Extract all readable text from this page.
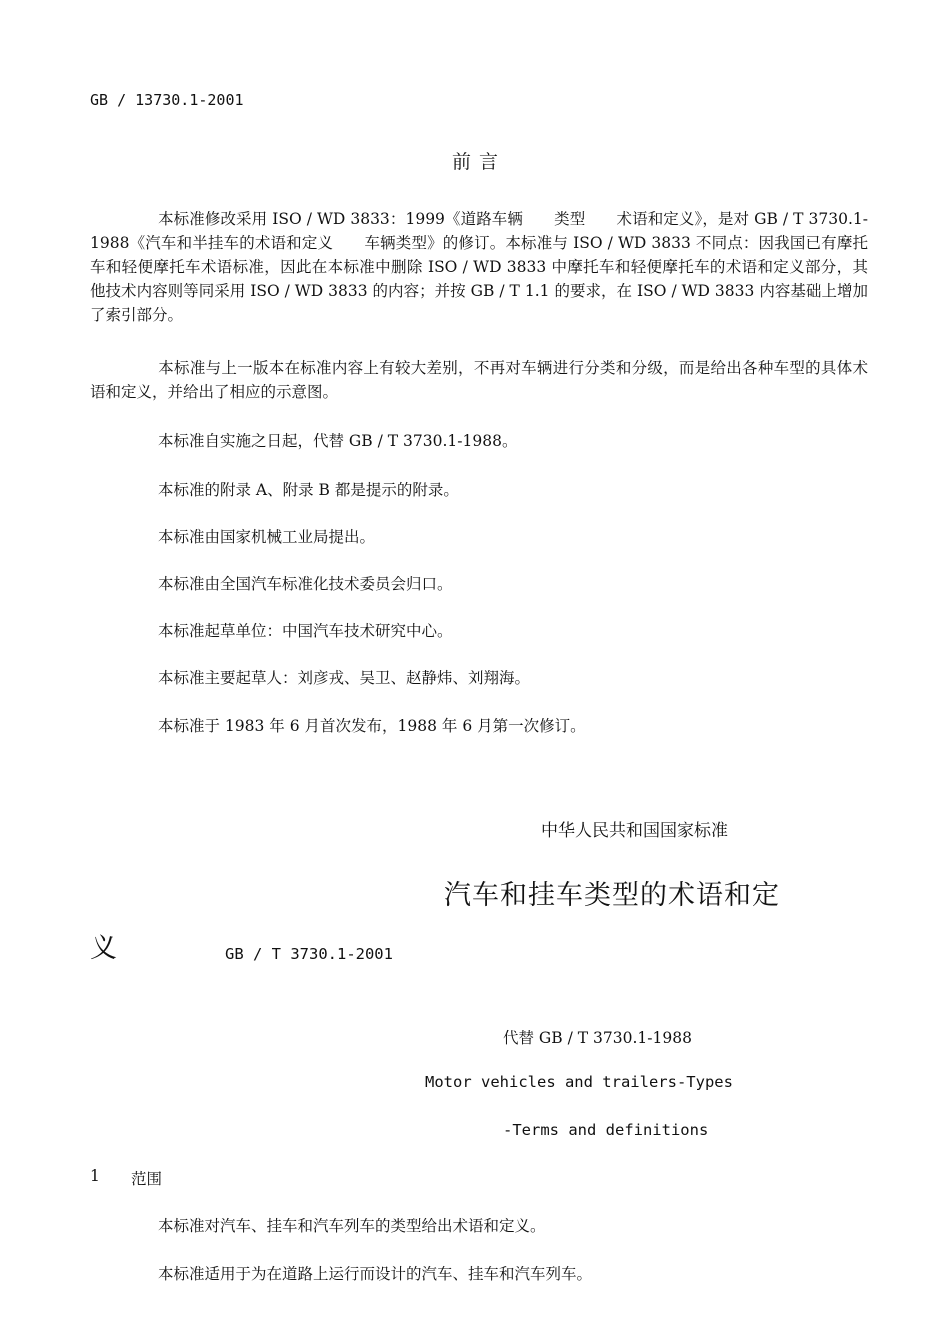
GB / 13730.1-2001
前言

本标准修改采用 ISO / WD 3833：1999《道路车辆　　类型　　术语和定义》，是对 GB / T 3730.1-1988《汽车和半挂车的术语和定义　　车辆类型》的修订。本标准与 ISO / WD 3833 不同点：因我国已有摩托车和轻便摩托车术语标准，因此在本标准中删除 ISO / WD 3833 中摩托车和轻便摩托车的术语和定义部分，其他技术内容则等同采用 ISO / WD 3833 的内容；并按 GB / T 1.1 的要求，在 ISO / WD 3833 内容基础上增加了索引部分。

本标准与上一版本在标准内容上有较大差别，不再对车辆进行分类和分级，而是给出各种车型的具体术语和定义，并给出了相应的示意图。

本标准自实施之日起，代替 GB / T 3730.1-1988。
本标准的附录 A、附录 B 都是提示的附录。
本标准由国家机械工业局提出。
本标准由全国汽车标准化技术委员会归口。
本标准起草单位：中国汽车技术研究中心。
本标准主要起草人：刘彦戎、吴卫、赵静炜、刘翔海。
本标准于 1983 年 6 月首次发布，1988 年 6 月第一次修订。
中华人民共和国国家标准
汽车和挂车类型的术语和定
义	GB / T 3730.1-2001
代替 GB / T 3730.1-1988
Motor vehicles and trailers-Types
-Terms and definitions
1 范围
本标准对汽车、挂车和汽车列车的类型给出术语和定义。
本标准适用于为在道路上运行而设计的汽车、挂车和汽车列车。
